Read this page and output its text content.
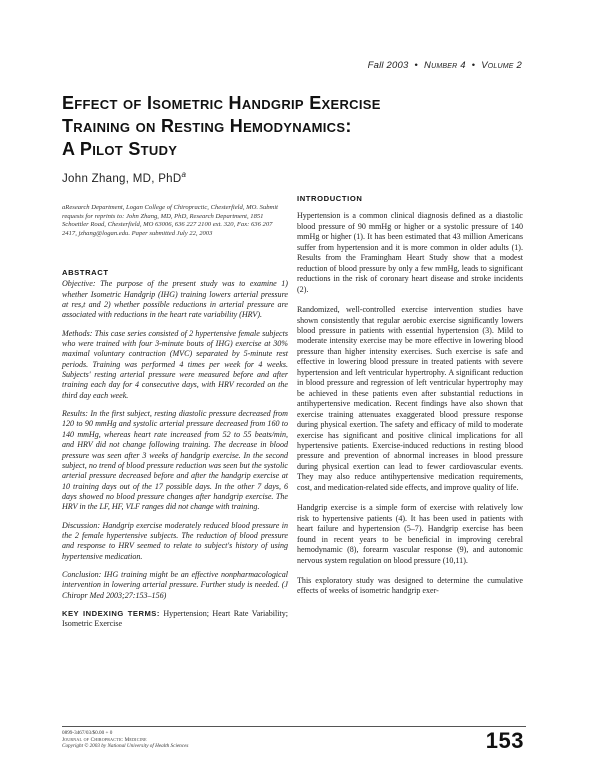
Fall 2003 • Number 4 • Volume 2
Effect of Isometric Handgrip Exercise
Training on Resting Hemodynamics:
A Pilot Study
John Zhang, MD, PhD$^a$
aResearch Department, Logan College of Chiropractic, Chesterfield, MO. Submit requests for reprints to: John Zhang, MD, PhD, Research Department, 1851 Schoettler Road, Chesterfield, MO 63006, 636 227 2100 ext. 320, Fax: 636 207 2417, jzhang@logan.edu. Paper submitted July 22, 2003
ABSTRACT

Objective: The purpose of the present study was to examine 1) whether Isometric Handgrip (IHG) training lowers arterial pressure at res,t and 2) whether possible reductions in arterial pressure are associated with reductions in the heart rate variability (HRV).

Methods: This case series consisted of 2 hypertensive female subjects who were trained with four 3-minute bouts of IHG) exercise at 30% maximal voluntary contraction (MVC) separated by 5-minute rest periods. Training was performed 4 times per week for 4 weeks. Subjects' resting arterial pressure were measured before and after training each day for 4 consecutive days, with HRV recorded on the third day each week.

Results: In the first subject, resting diastolic pressure decreased from 120 to 90 mmHg and systolic arterial pressure decreased from 160 to 140 mmHg, whereas heart rate increased from 52 to 55 beats/min, and HRV did not change following training. The decrease in blood pressure was seen after 3 weeks of handgrip exercise. In the second subject, no trend of blood pressure reduction was seen but the systolic arterial pressure decreased before and after the handgrip exercise at 10 training days out of the 17 possible days. In the other 7 days, 6 days showed no blood pressure changes after handgrip exercise. The HRV in the LF, HF, VLF ranges did not change with training.

Discussion: Handgrip exercise moderately reduced blood pressure in the 2 female hypertensive subjects. The reduction of blood pressure and response to HRV seemed to relate to subject's history of using hypertensive medication.

Conclusion: IHG training might be an effective nonpharmacological intervention in lowering arterial pressure. Further study is needed. (J Chiropr Med 2003;27:153–156)

KEY INDEXING TERMS: Hypertension; Heart Rate Variability; Isometric Exercise

INTRODUCTION

Hypertension is a common clinical diagnosis defined as a diastolic blood pressure of 90 mmHg or higher or a systolic pressure of 140 mmHg or higher (1). It has been estimated that 43 million Americans suffer from hypertension and it is more common in older adults (1). Results from the Framingham Heart Study show that a modest reduction of blood pressure by only a few mmHg, leads to significant reductions in the risk of coronary heart disease and stroke incidents (2).

Randomized, well-controlled exercise intervention studies have shown consistently that regular aerobic exercise significantly lowers blood pressure in patients with essential hypertension (3). Mild to moderate intensity exercise may be more effective in lowering blood pressure than higher intensity exercises. Such exercise is safe and effective in lowering blood pressure in treated patients with severe hypertension and left ventricular hypertrophy. A significant reduction in blood pressure and regression of left ventricular hypertrophy may be achieved in these patients even after substantial reductions in antihypertensive medication. Recent findings have also shown that exercise training attenuates exaggerated blood pressure response during physical exertion. The safety and efficacy of mild to moderate exercise has significant and positive clinical implications for all hypertensive patients. Exercise-induced reductions in resting blood pressure and prevention of abnormal increases in blood pressure during physical exertion can lead to fewer cardiovascular events. They may also reduce antihypertensive medication requirements, cost, and medication-related side effects, and improve quality of life.

Handgrip exercise is a simple form of exercise with relatively low risk to hypertensive patients (4). It has been used in patients with heart failure and hypertension (5–7). Handgrip exercise has been found in recent years to be beneficial in improving cerebral hemodynamic (8), forearm vascular response (9), and autonomic nervous system regulation on blood pressure (10,11).

This exploratory study was designed to determine the cumulative effects of weeks of isometric handgrip exer-

0899-3467/03/$0.00 + 0
Journal of Chiropractic Medicine
Copyright © 2003 by National University of Health Sciences	153
